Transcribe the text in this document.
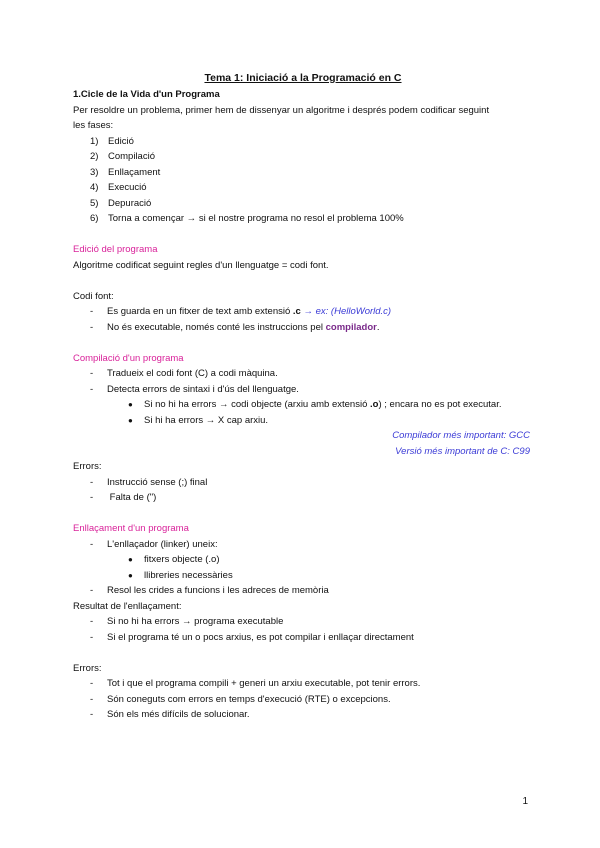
Tema 1: Iniciació a la Programació en C
1.Cicle de la Vida d'un Programa
Per resoldre un problema, primer hem de dissenyar un algoritme i després podem codificar seguint
les fases:
1) Edició
2) Compilació
3) Enllaçament
4) Execució
5) Depuració
6) Torna a començar → si el nostre programa no resol el problema 100%
Edició del programa
Algoritme codificat seguint regles d'un llenguatge = codi font.
Codi font:
- Es guarda en un fitxer de text amb extensió .c → ex: (HelloWorld.c)
- No és executable, només conté les instruccions pel compilador.
Compilació d'un programa
- Tradueix el codi font (C) a codi màquina.
- Detecta errors de sintaxi i d'ús del llenguatge.
● Si no hi ha errors → codi objecte (arxiu amb extensió .o) ; encara no es pot executar.
● Si hi ha errors → X cap arxiu.
Compilador més important: GCC
Versió més important de C: C99
Errors:
- Instrucció sense (;) final
- Falta de (")
Enllaçament d'un programa
- L'enllaçador (linker) uneix:
● fitxers objecte (.o)
● llibreries necessàries
- Resol les crides a funcions i les adreces de memòria
Resultat de l'enllaçament:
- Si no hi ha errors → programa executable
- Si el programa té un o pocs arxius, es pot compilar i enllaçar directament
Errors:
- Tot i que el programa compili + generi un arxiu executable, pot tenir errors.
- Són coneguts com errors en temps d'execució (RTE) o excepcions.
- Són els més difícils de solucionar.
1
